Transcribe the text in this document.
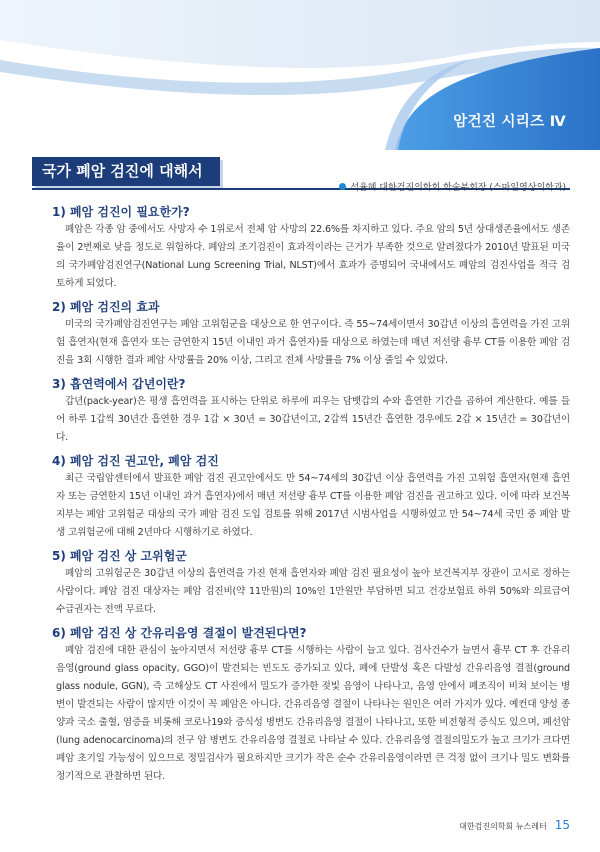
암건진 시리즈 Ⅳ
국가 폐암 검진에 대해서
석율혜 대한검진의학회 학술부회장 (스마일영상의학과)
1) 폐암 검진이 필요한가?

폐암은 각종 암 중에서도 사망자 수 1위로서 전체 암 사망의 22.6%를 차지하고 있다. 주요 암의 5년 상대생존율에서도 생존율이 2번째로 낮을 정도로 위험하다. 폐암의 조기검진이 효과적이라는 근거가 부족한 것으로 알려졌다가 2010년 발표된 미국의 국가폐암검진연구(National Lung Screening Trial, NLST)에서 효과가 증명되어 국내에서도 폐암의 검진사업을 적극 검토하게 되었다.

2) 폐암 검진의 효과

미국의 국가폐암검진연구는 폐암 고위험군을 대상으로 한 연구이다. 즉 55~74세이면서 30갑년 이상의 흡연력을 가진 고위험 흡연자(현재 흡연자 또는 금연한지 15년 이내인 과거 흡연자)를 대상으로 하였는데 매년 저선량 흉부 CT를 이용한 폐암 검진을 3회 시행한 결과 폐암 사망률을 20% 이상, 그리고 전체 사망률을 7% 이상 줄일 수 있었다.

3) 흡연력에서 갑년이란?

갑년(pack-year)은 평생 흡연력을 표시하는 단위로 하루에 피우는 담뱃갑의 수와 흡연한 기간을 곱하여 계산한다. 예를 들어 하루 1갑씩 30년간 흡연한 경우 1갑 × 30년 = 30갑년이고, 2갑씩 15년간 흡연한 경우에도 2갑 × 15년간 = 30갑년이다.

4) 폐암 검진 권고안, 폐암 검진

최근 국립암센터에서 발표한 폐암 검진 권고안에서도 만 54~74세의 30갑년 이상 흡연력을 가진 고위험 흡연자(현재 흡연자 또는 금연한지 15년 이내인 과거 흡연자)에서 매년 저선량 흉부 CT를 이용한 폐암 검진을 권고하고 있다. 이에 따라 보건복지부는 폐암 고위험군 대상의 국가 폐암 검진 도입 검토를 위해 2017년 시범사업을 시행하였고 만 54~74세 국민 중 폐암 발생 고위험군에 대해 2년마다 시행하기로 하였다.

5) 폐암 검진 상 고위험군

폐암의 고위험군은 30갑년 이상의 흡연력을 가진 현재 흡연자와 폐암 검진 필요성이 높아 보건복지부 장관이 고시로 정하는 사람이다. 폐암 검진 대상자는 폐암 검진비(약 11만원)의 10%인 1만원만 부담하면 되고 건강보험료 하위 50%와 의료급여 수급권자는 전액 무료다.

6) 폐암 검진 상 간유리음영 결절이 발견된다면?

폐암 검진에 대한 관심이 높아지면서 저선량 흉부 CT를 시행하는 사람이 늘고 있다. 검사건수가 늘면서 흉부 CT 후 간유리음영(ground glass opacity, GGO)이 발견되는 빈도도 증가되고 있다, 폐에 단발성 혹은 다발성 간유리음영 결절(ground glass nodule, GGN), 즉 고해상도 CT 사진에서 밀도가 증가한 젖빛 음영이 나타나고, 음영 안에서 폐조직이 비쳐 보이는 병변이 발견되는 사람이 많지만 이것이 꼭 폐암은 아니다. 간유리음영 결절이 나타나는 원인은 여러 가지가 있다. 예컨대 양성 종양과 국소 출혈, 염증을 비롯해 코로나19와 증식성 병변도 간유리음영 결절이 나타나고, 또한 비전형적 증식도 있으며, 폐선암(lung adenocarcinoma)의 전구 암 병변도 간유리음영 결절로 나타날 수 있다. 간유리음영 결절의밀도가 높고 크기가 크다면 폐암 초기일 가능성이 있으므로 정밀검사가 필요하지만 크기가 작은 순수 간유리음영이라면 큰 걱정 없이 크기나 밀도 변화를 정기적으로 관찰하면 된다.

대한검진의학회 뉴스레터 15
